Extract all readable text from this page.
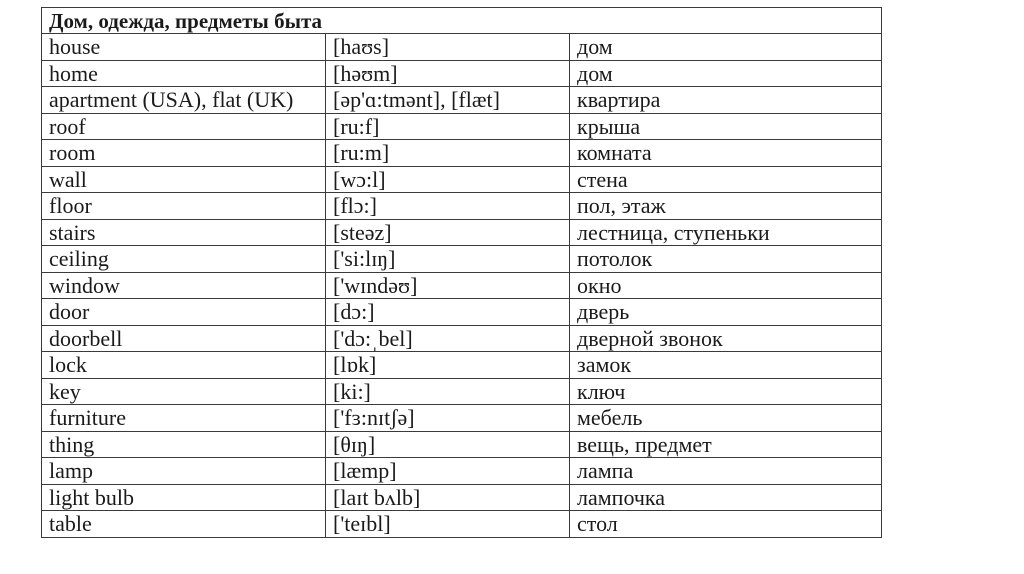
Дом, одежда, предметы быта		
house	[haʊs]	дом
home	[həʊm]	дом
apartment (USA), flat (UK)	[əp'ɑ:tmənt], [flæt]	квартира
roof	[ru:f]	крыша
room	[ru:m]	комната
wall	[wɔ:l]	стена
floor	[flɔ:]	пол, этаж
stairs	[steəz]	лестница, ступеньки
ceiling	['si:lɪŋ]	потолок
window	['wɪndəʊ]	окно
door	[dɔ:]	дверь
doorbell	['dɔ:ˌbel]	дверной звонок
lock	[lɒk]	замок
key	[ki:]	ключ
furniture	['fɜ:nɪtʃə]	мебель
thing	[θɪŋ]	вещь, предмет
lamp	[læmp]	лампа
light bulb	[laɪt bʌlb]	лампочка
table	['teɪbl]	стол
